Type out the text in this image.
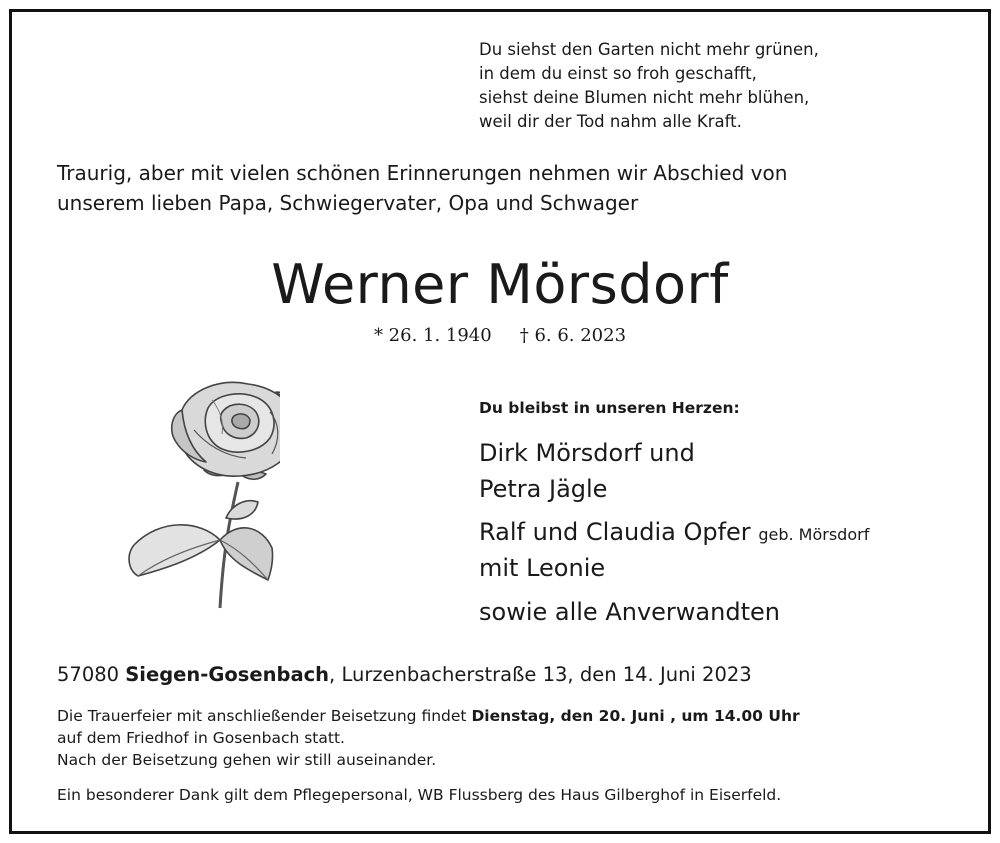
Du siehst den Garten nicht mehr grünen,
in dem du einst so froh geschafft,
siehst deine Blumen nicht mehr blühen,
weil dir der Tod nahm alle Kraft.
Traurig, aber mit vielen schönen Erinnerungen nehmen wir Abschied von
unserem lieben Papa, Schwiegervater, Opa und Schwager
Werner Mörsdorf
* 26. 1. 1940 † 6. 6. 2023
Du bleibst in unseren Herzen:
Dirk Mörsdorf und
Petra Jägle
Ralf und Claudia Opfer geb. Mörsdorf
mit Leonie
sowie alle Anverwandten
57080 Siegen-Gosenbach, Lurzenbacherstraße 13, den 14. Juni 2023
Die Trauerfeier mit anschließender Beisetzung findet Dienstag, den 20. Juni , um 14.00 Uhr
auf dem Friedhof in Gosenbach statt.
Nach der Beisetzung gehen wir still auseinander.
Ein besonderer Dank gilt dem Pflegepersonal, WB Flussberg des Haus Gilberghof in Eiserfeld.
